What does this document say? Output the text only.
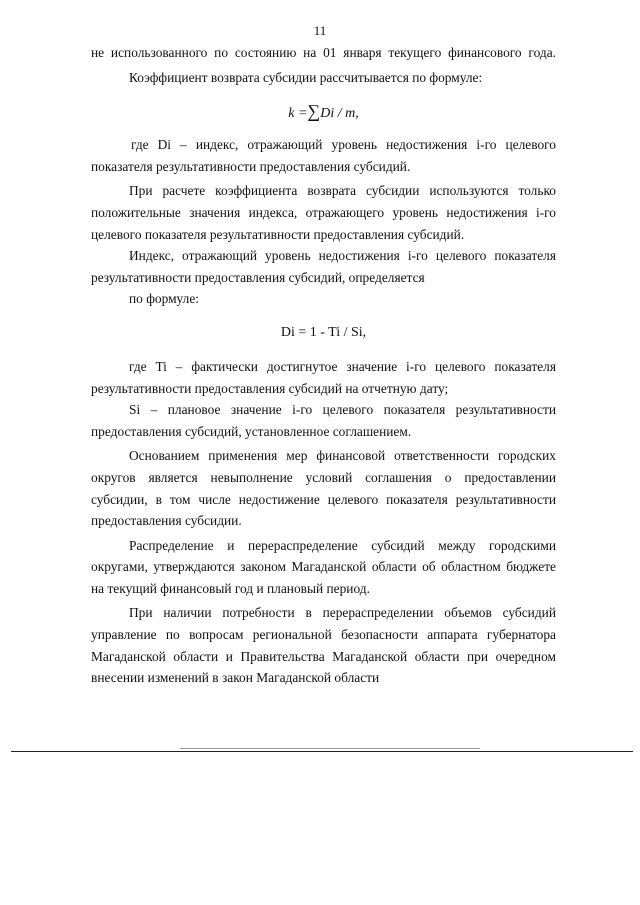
11

не использованного по состоянию на 01 января текущего финансового года.

Коэффициент возврата субсидии рассчитывается по формуле:

k =∑Di / m,

где Di – индекс, отражающий уровень недостижения i-го целевого показателя результативности предоставления субсидий.

При расчете коэффициента возврата субсидии используются только положительные значения индекса, отражающего уровень недостижения i-го целевого показателя результативности предоставления субсидий.

Индекс, отражающий уровень недостижения i-го целевого показателя результативности предоставления субсидий, определяется

по формуле:

Di = 1 - Ti / Si,

где Ti – фактически достигнутое значение i-го целевого показателя результативности предоставления субсидий на отчетную дату;

Si – плановое значение i-го целевого показателя результативности предоставления субсидий, установленное соглашением.

Основанием применения мер финансовой ответственности городских округов является невыполнение условий соглашения о предоставлении субсидии, в том числе недостижение целевого показателя результативности предоставления субсидии.

Распределение и перераспределение субсидий между городскими округами, утверждаются законом Магаданской области об областном бюджете на текущий финансовый год и плановый период.

При наличии потребности в перераспределении объемов субсидий управление по вопросам региональной безопасности аппарата губернатора Магаданской области и Правительства Магаданской области при очередном внесении изменений в закон Магаданской области
